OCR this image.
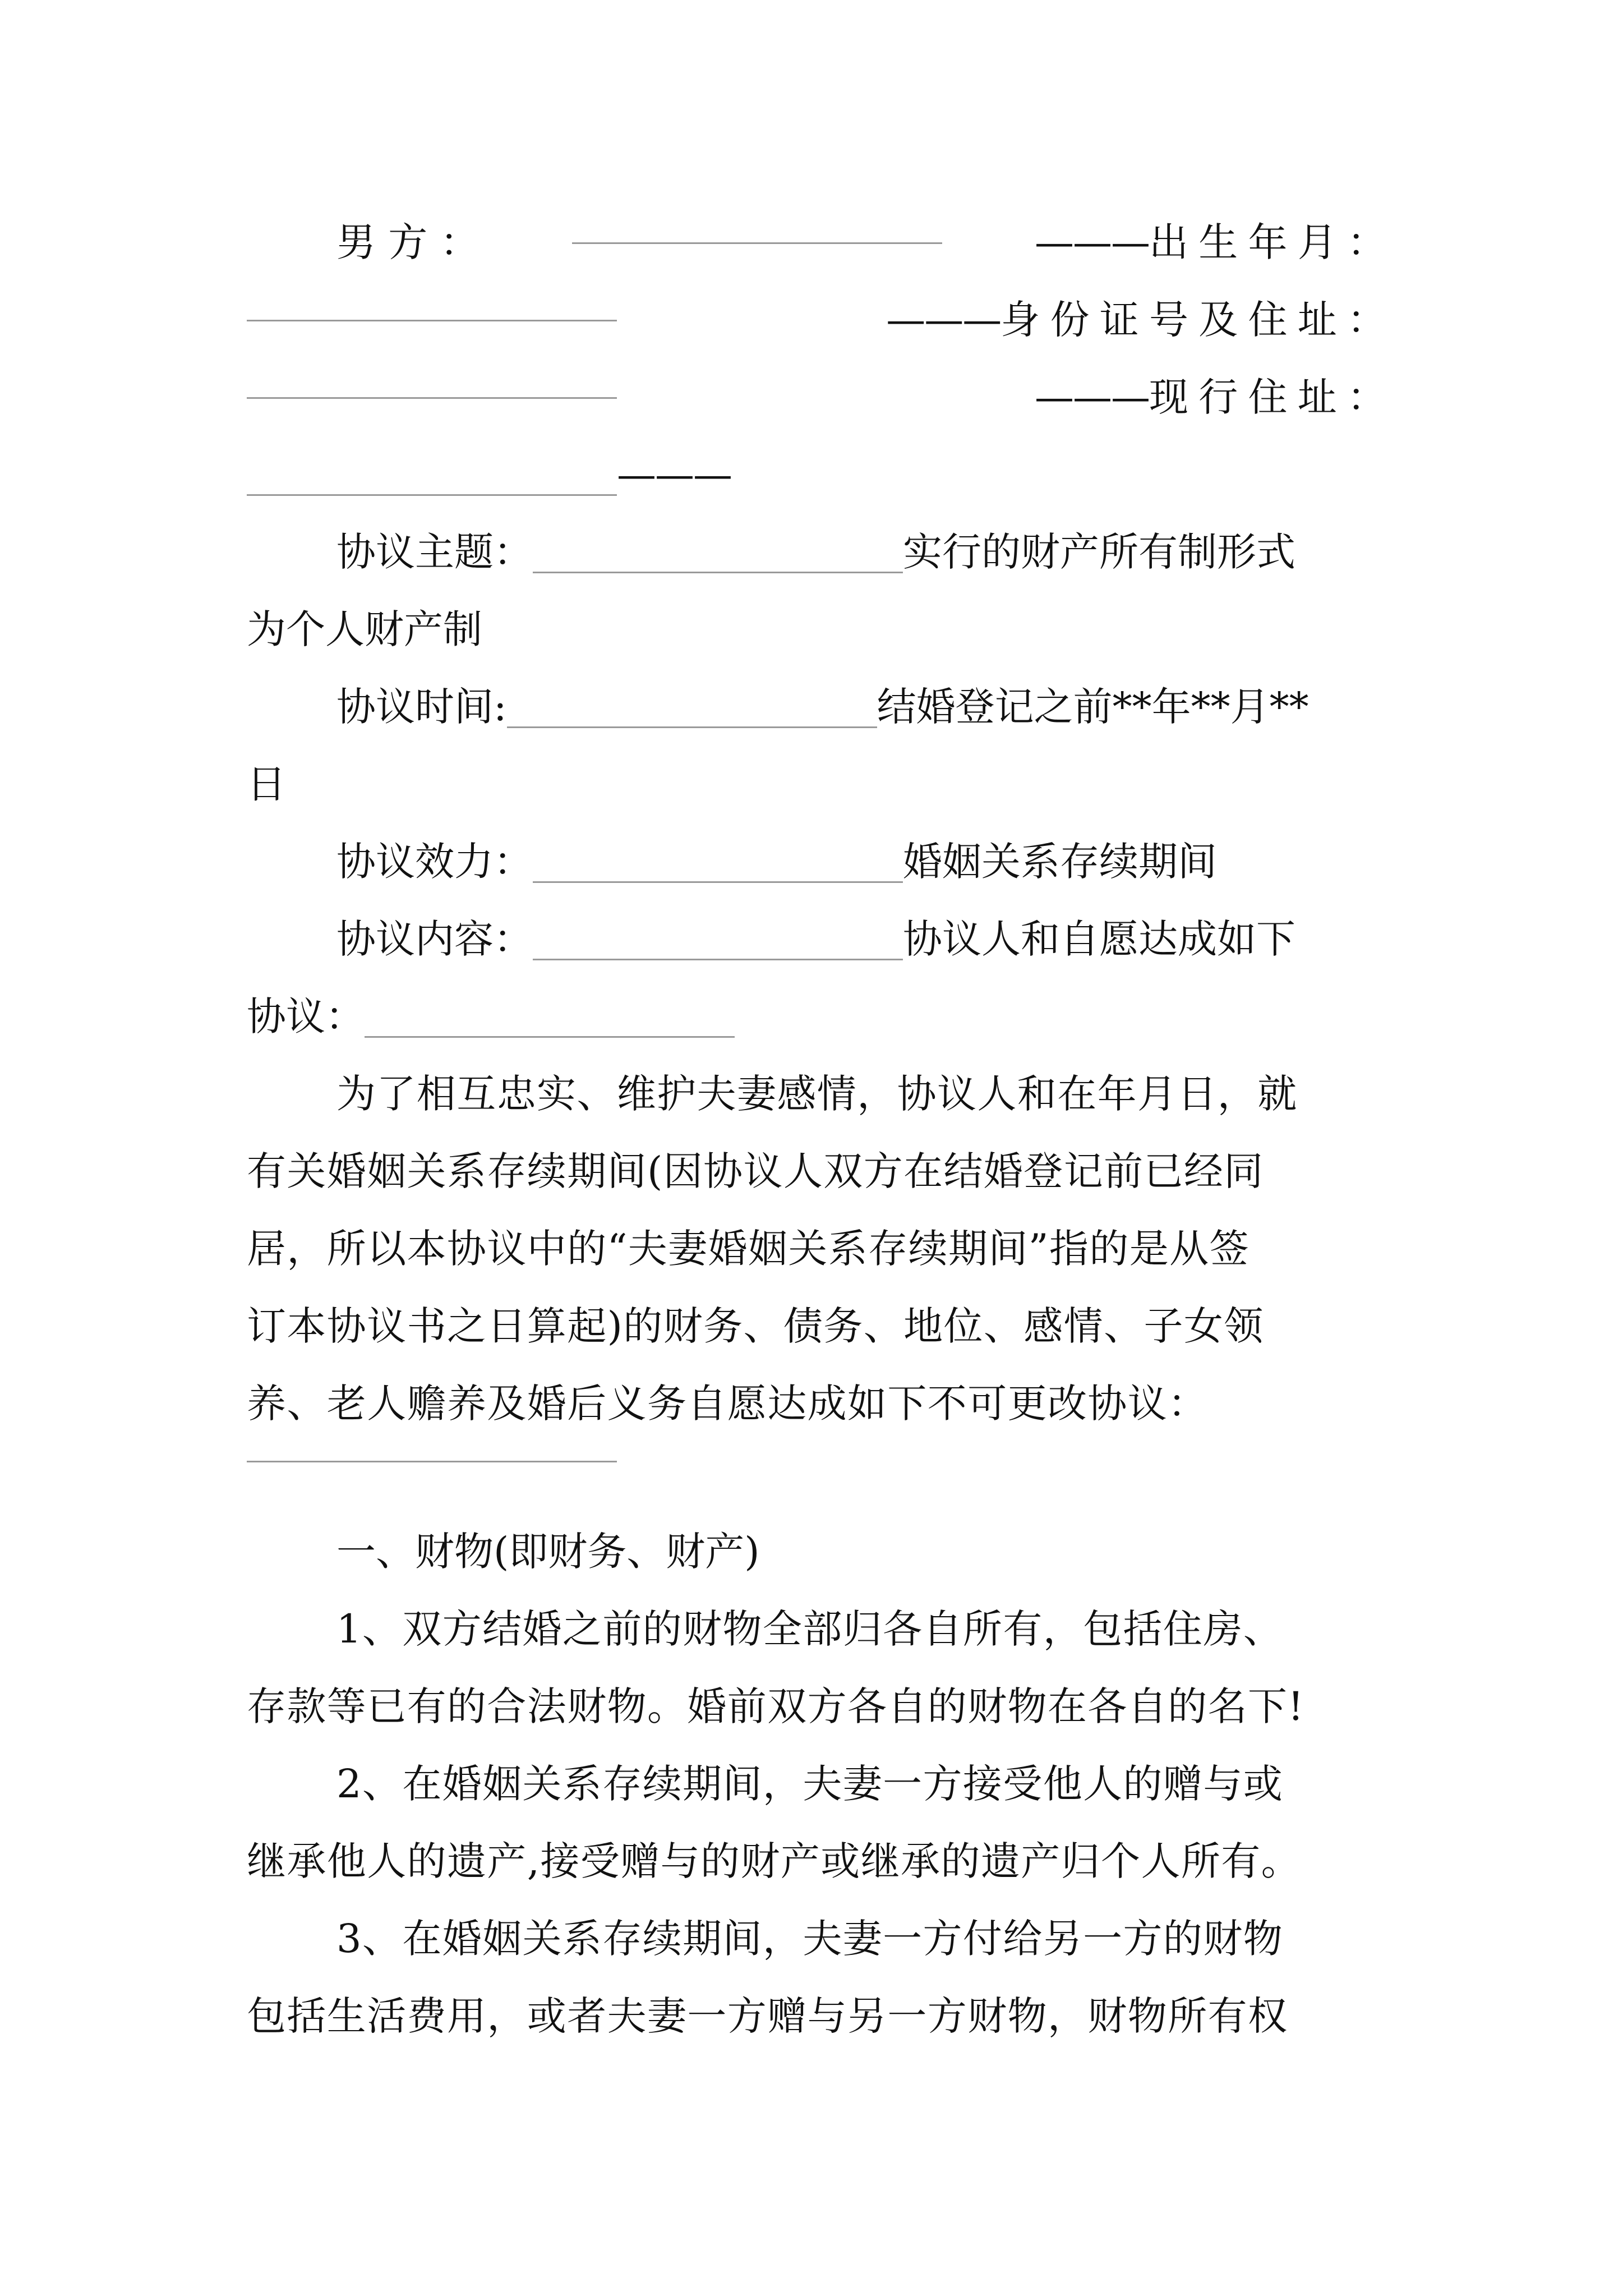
男 方 ：	———出 生 年 月 ：
———身 份 证 号 及 住 址 ：
———现 行 住 址 ：
———
协议主题：	实行的财产所有制形式
为个人财产制
协议时间:	结婚登记之前**年**月**
日
协议效力：	婚姻关系存续期间
协议内容：	协议人和自愿达成如下
协议：
为了相互忠实、维护夫妻感情，协议人和在年月日，就
有关婚姻关系存续期间(因协议人双方在结婚登记前已经同
居，所以本协议中的“夫妻婚姻关系存续期间”指的是从签
订本协议书之日算起)的财务、债务、地位、感情、子女领
养、老人赡养及婚后义务自愿达成如下不可更改协议：
一、财物(即财务、财产)
1、双方结婚之前的财物全部归各自所有，包括住房、
存款等已有的合法财物。婚前双方各自的财物在各自的名下!
2、在婚姻关系存续期间，夫妻一方接受他人的赠与或
继承他人的遗产,接受赠与的财产或继承的遗产归个人所有。
3、在婚姻关系存续期间，夫妻一方付给另一方的财物
包括生活费用，或者夫妻一方赠与另一方财物，财物所有权
